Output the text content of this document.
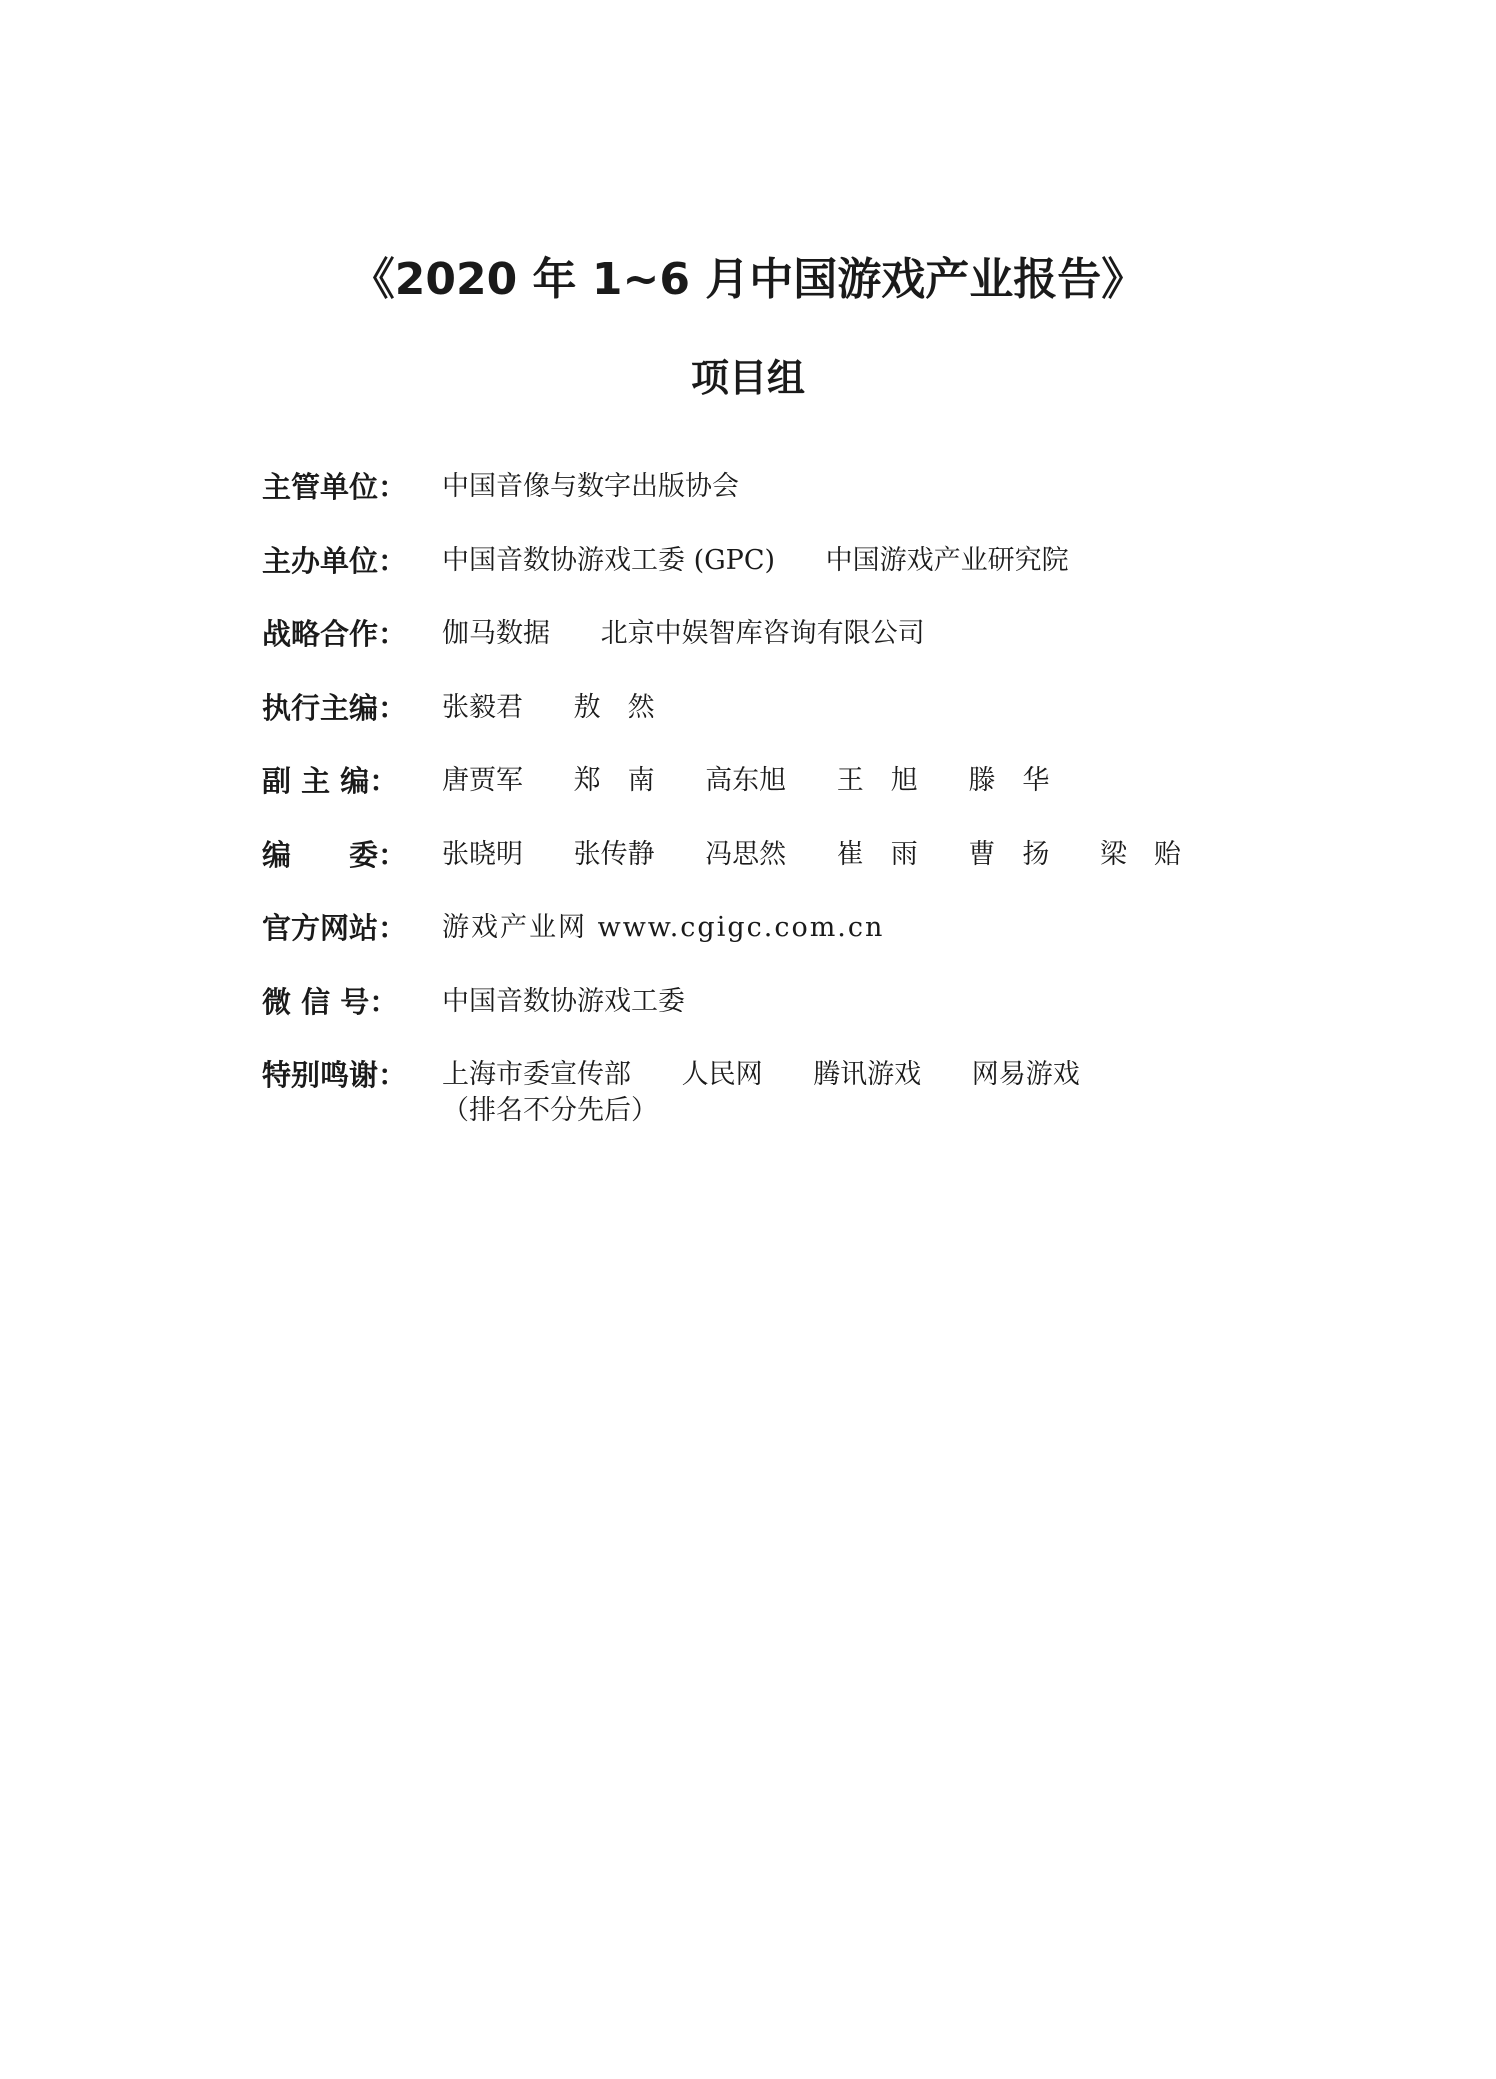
《2020 年 1~6 月中国游戏产业报告》
项目组
主管单位：	中国音像与数字出版协会
主办单位：	中国音数协游戏工委 (GPC) 中国游戏产业研究院
战略合作：	伽马数据 北京中娱智库咨询有限公司
执行主编：	张毅君 敖　然
副 主 编：	唐贾军 郑　南 高东旭 王　旭 滕　华
编　　委：	张晓明 张传静 冯思然 崔　雨 曹　扬 梁　贻
官方网站：	游戏产业网 www.cgigc.com.cn
微 信 号：	中国音数协游戏工委
特别鸣谢：	上海市委宣传部 人民网 腾讯游戏 网易游戏
（排名不分先后）
